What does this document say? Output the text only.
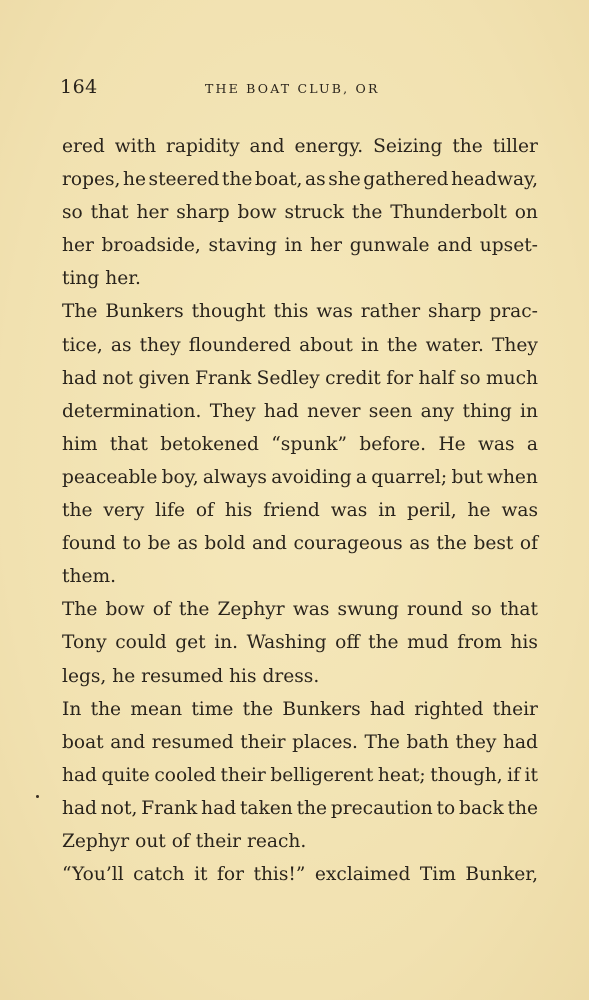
164	THE BOAT CLUB, OR
ered with rapidity and energy. Seizing the tiller
ropes, he steered the boat, as she gathered headway,
so that her sharp bow struck the Thunderbolt on
her broadside, staving in her gunwale and upset-
ting her.
The Bunkers thought this was rather sharp prac-
tice, as they floundered about in the water. They
had not given Frank Sedley credit for half so much
determination. They had never seen any thing in
him that betokened “spunk” before. He was a
peaceable boy, always avoiding a quarrel; but when
the very life of his friend was in peril, he was
found to be as bold and courageous as the best of
them.
The bow of the Zephyr was swung round so that
Tony could get in. Washing off the mud from his
legs, he resumed his dress.
In the mean time the Bunkers had righted their
boat and resumed their places. The bath they had
had quite cooled their belligerent heat; though, if it
had not, Frank had taken the precaution to back the
Zephyr out of their reach.
“You’ll catch it for this!” exclaimed Tim Bunker,
